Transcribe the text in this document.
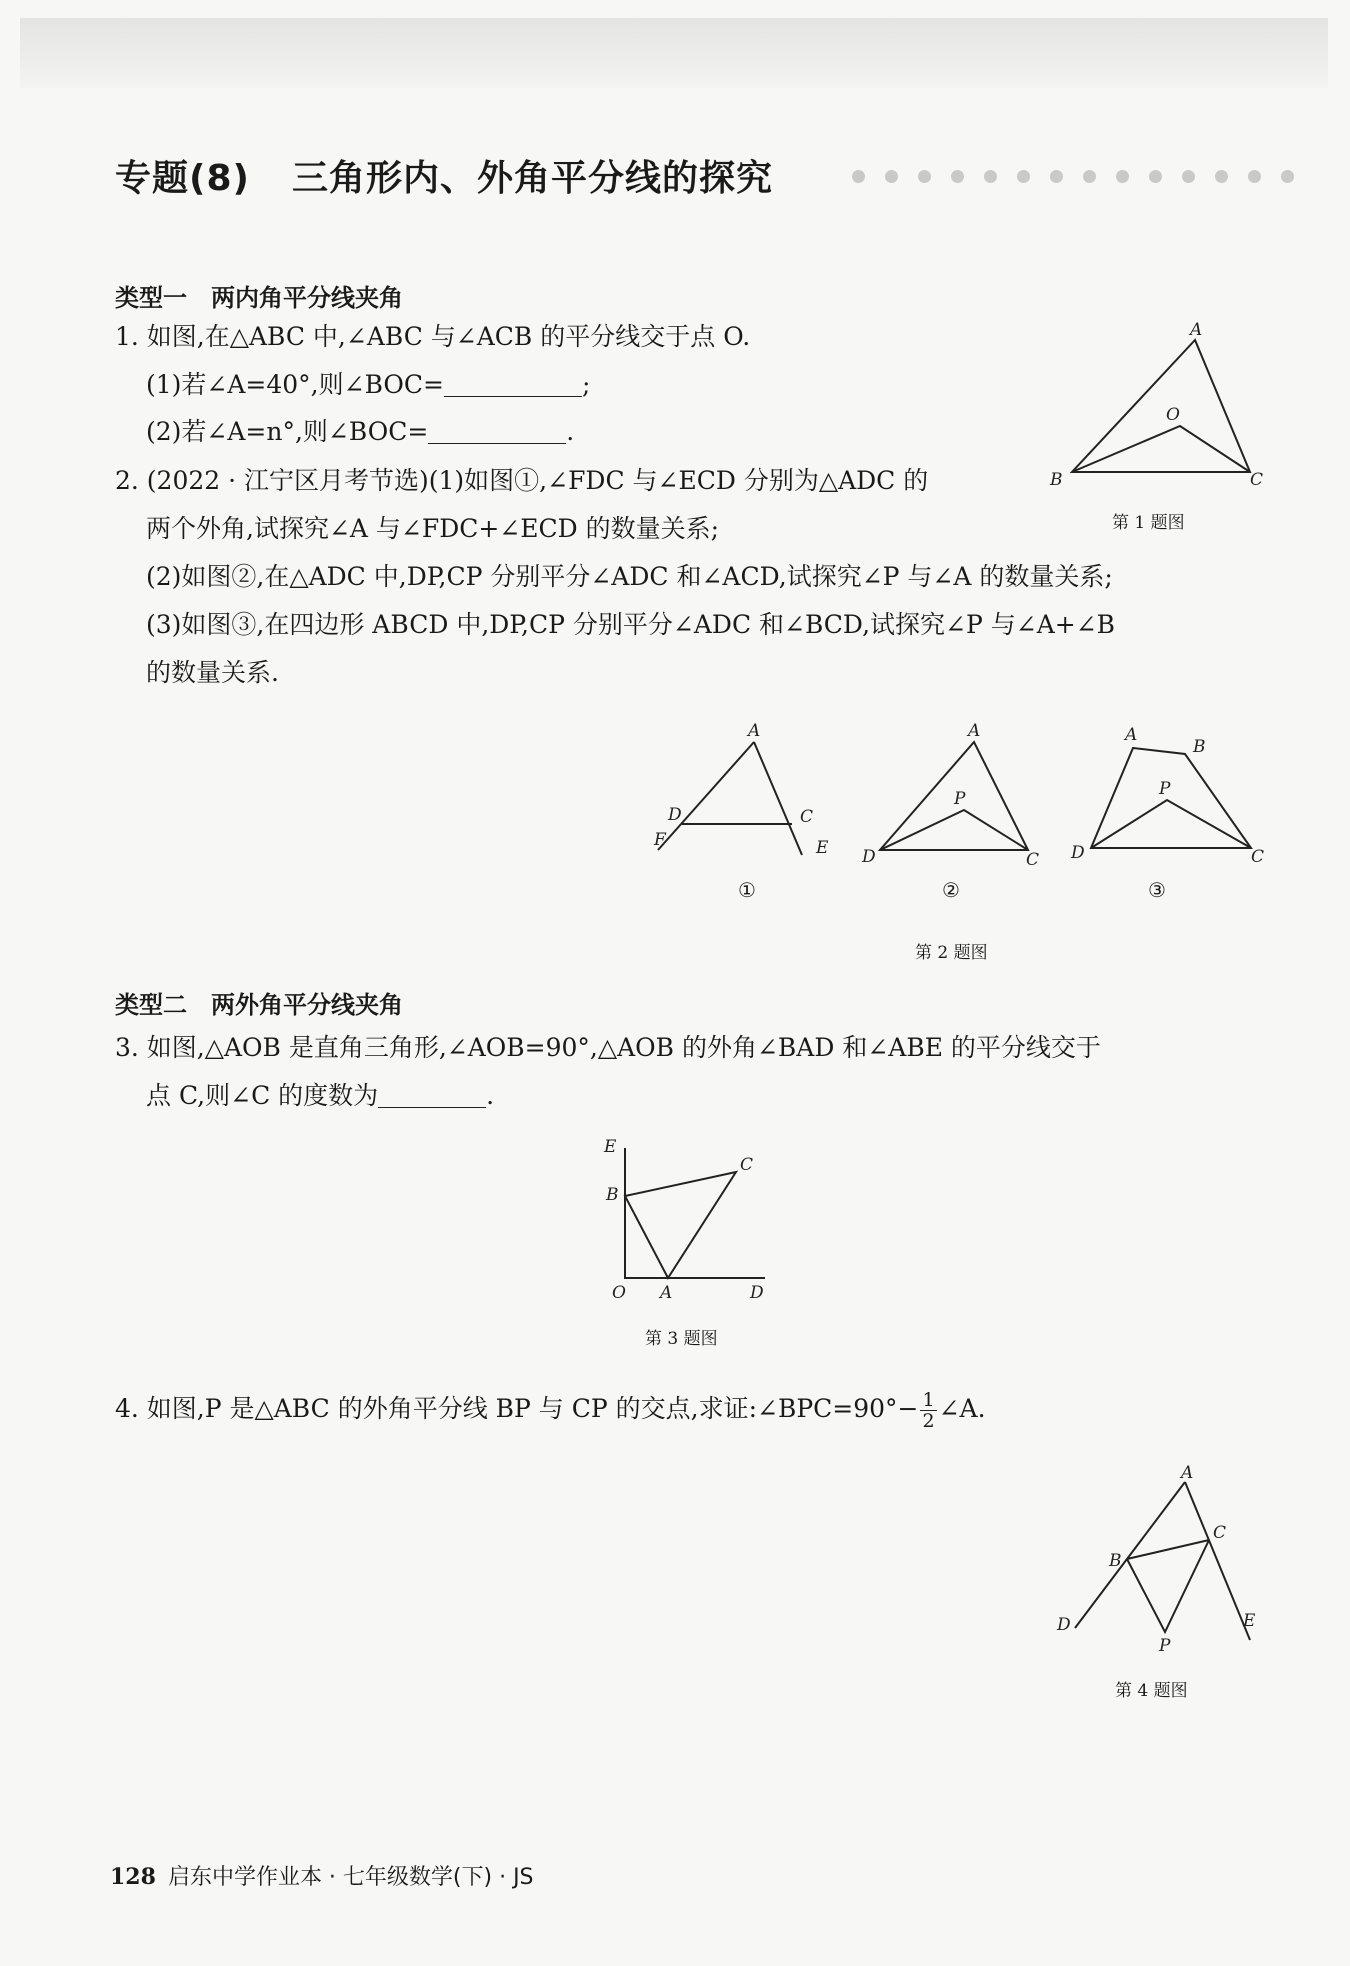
专题(8) 三角形内、外角平分线的探究
类型一 两内角平分线夹角
1. 如图,在△ABC 中,∠ABC 与∠ACB 的平分线交于点 O.
(1)若∠A=40°,则∠BOC=	;
(2)若∠A=n°,则∠BOC=	.
A
B	C
O
第 1 题图
2. (2022 · 江宁区月考节选)(1)如图①,∠FDC 与∠ECD 分别为△ADC 的
两个外角,试探究∠A 与∠FDC+∠ECD 的数量关系;
(2)如图②,在△ADC 中,DP,CP 分别平分∠ADC 和∠ACD,试探究∠P 与∠A 的数量关系;
(3)如图③,在四边形 ABCD 中,DP,CP 分别平分∠ADC 和∠BCD,试探究∠P 与∠A+∠B
的数量关系.
A
D
F
C
E
①
A
P
D	C
②
A
B
P
D	C
③
第 2 题图
类型二 两外角平分线夹角
3. 如图,△AOB 是直角三角形,∠AOB=90°,△AOB 的外角∠BAD 和∠ABE 的平分线交于
点 C,则∠C 的度数为	.
E
C
B
O A	D
第 3 题图
4. 如图,P 是△ABC 的外角平分线 BP 与 CP 的交点,求证:∠BPC=90°− $\frac{1}{2}$ ∠A.
A
B
C
D
P
E
第 4 题图
128 启东中学作业本 · 七年级数学(下) · JS
